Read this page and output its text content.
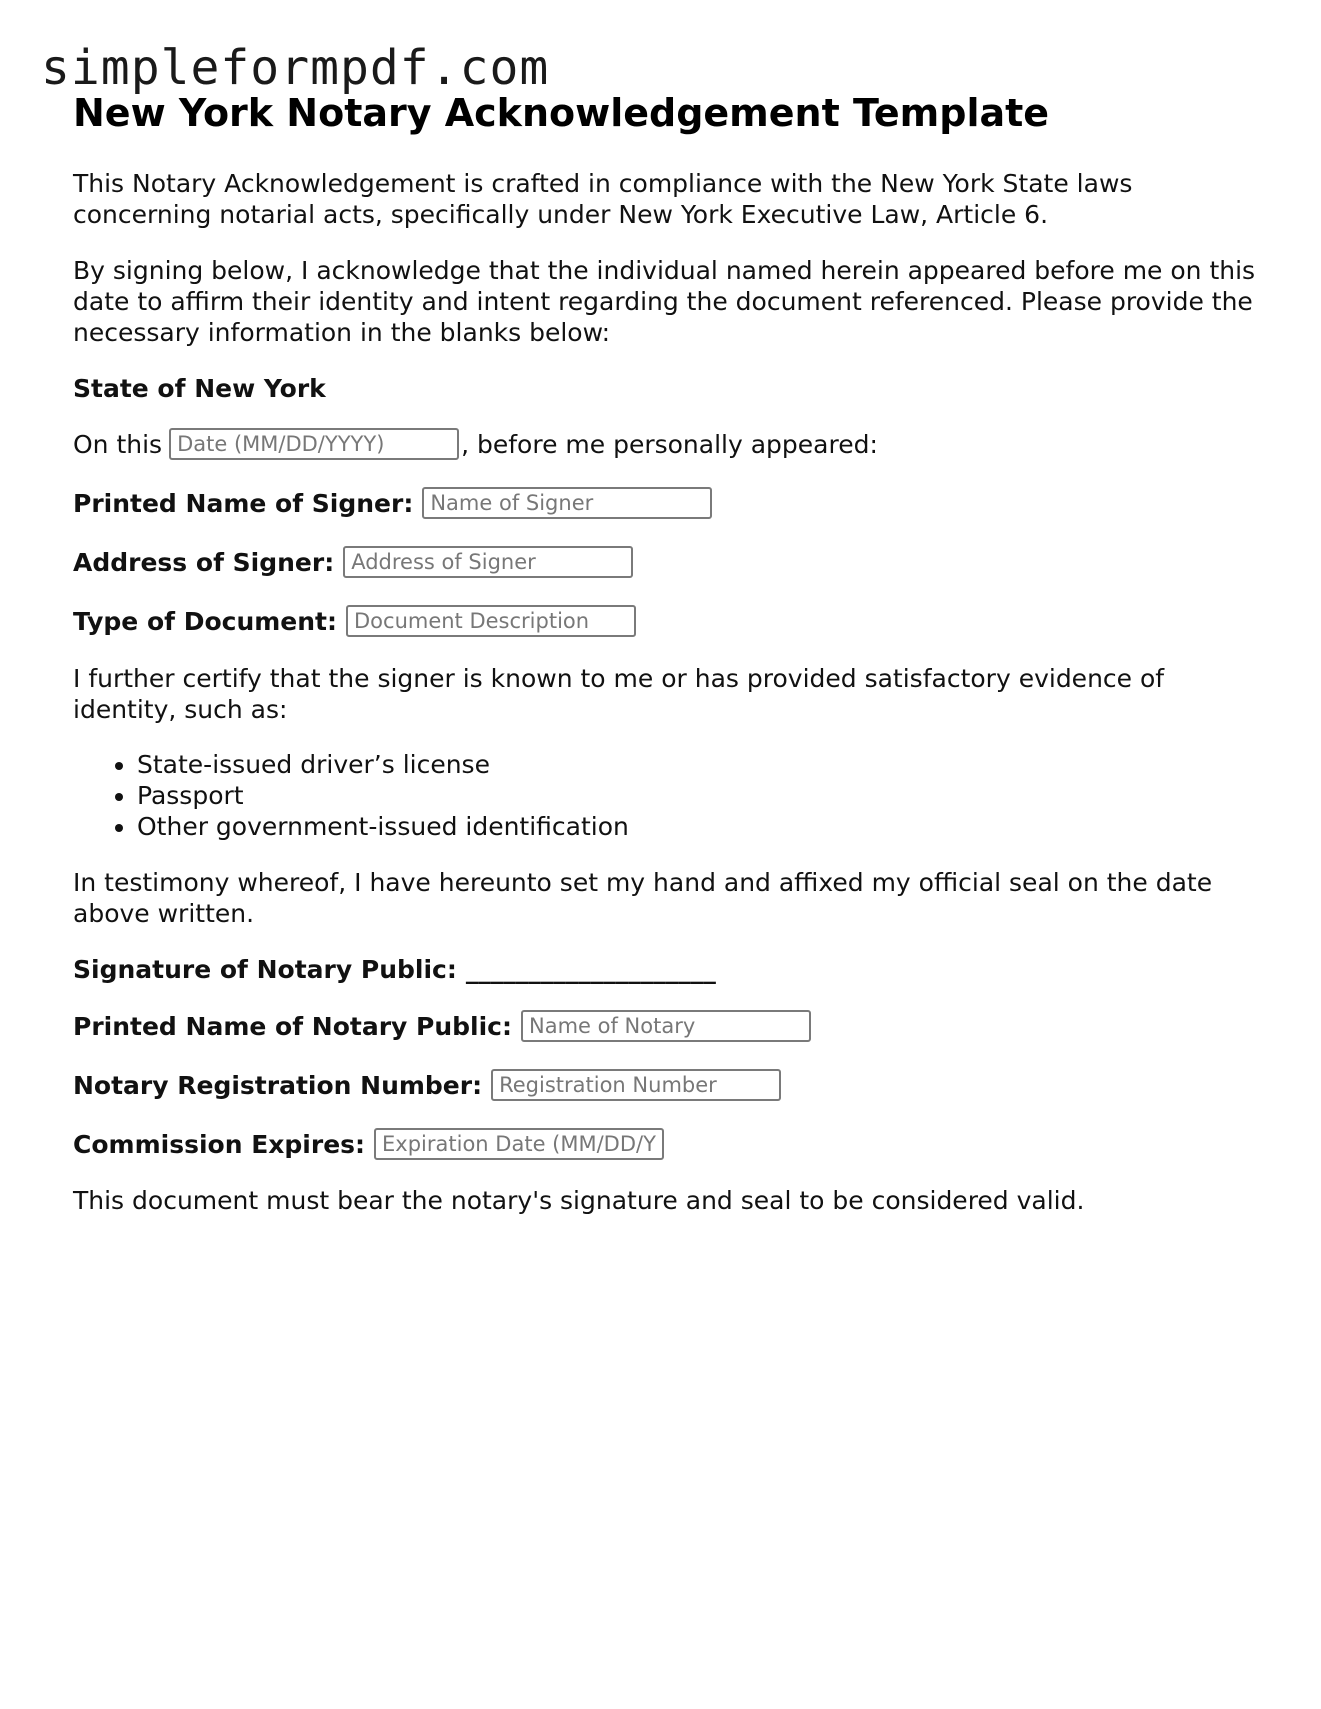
simpleformpdf.com
New York Notary Acknowledgement Template

This Notary Acknowledgement is crafted in compliance with the New York State laws concerning notarial acts, specifically under New York Executive Law, Article 6.

By signing below, I acknowledge that the individual named herein appeared before me on this date to affirm their identity and intent regarding the document referenced. Please provide the necessary information in the blanks below:

State of New York

On this
Date (MM/DD/YYYY)	, before me personally appeared:
Printed Name of Signer:
Name of Signer
Address of Signer:
Address of Signer
Type of Document:
Document Description

I further certify that the signer is known to me or has provided satisfactory evidence of identity, such as:

• State-issued driver’s license
• Passport
• Other government-issued identification

In testimony whereof, I have hereunto set my hand and affixed my official seal on the date above written.

Signature of Notary Public: ____________________
Printed Name of Notary Public:
Name of Notary
Notary Registration Number:
Registration Number
Commission Expires:
Expiration Date (MM/DD/YYYY)

This document must bear the notary's signature and seal to be considered valid.
